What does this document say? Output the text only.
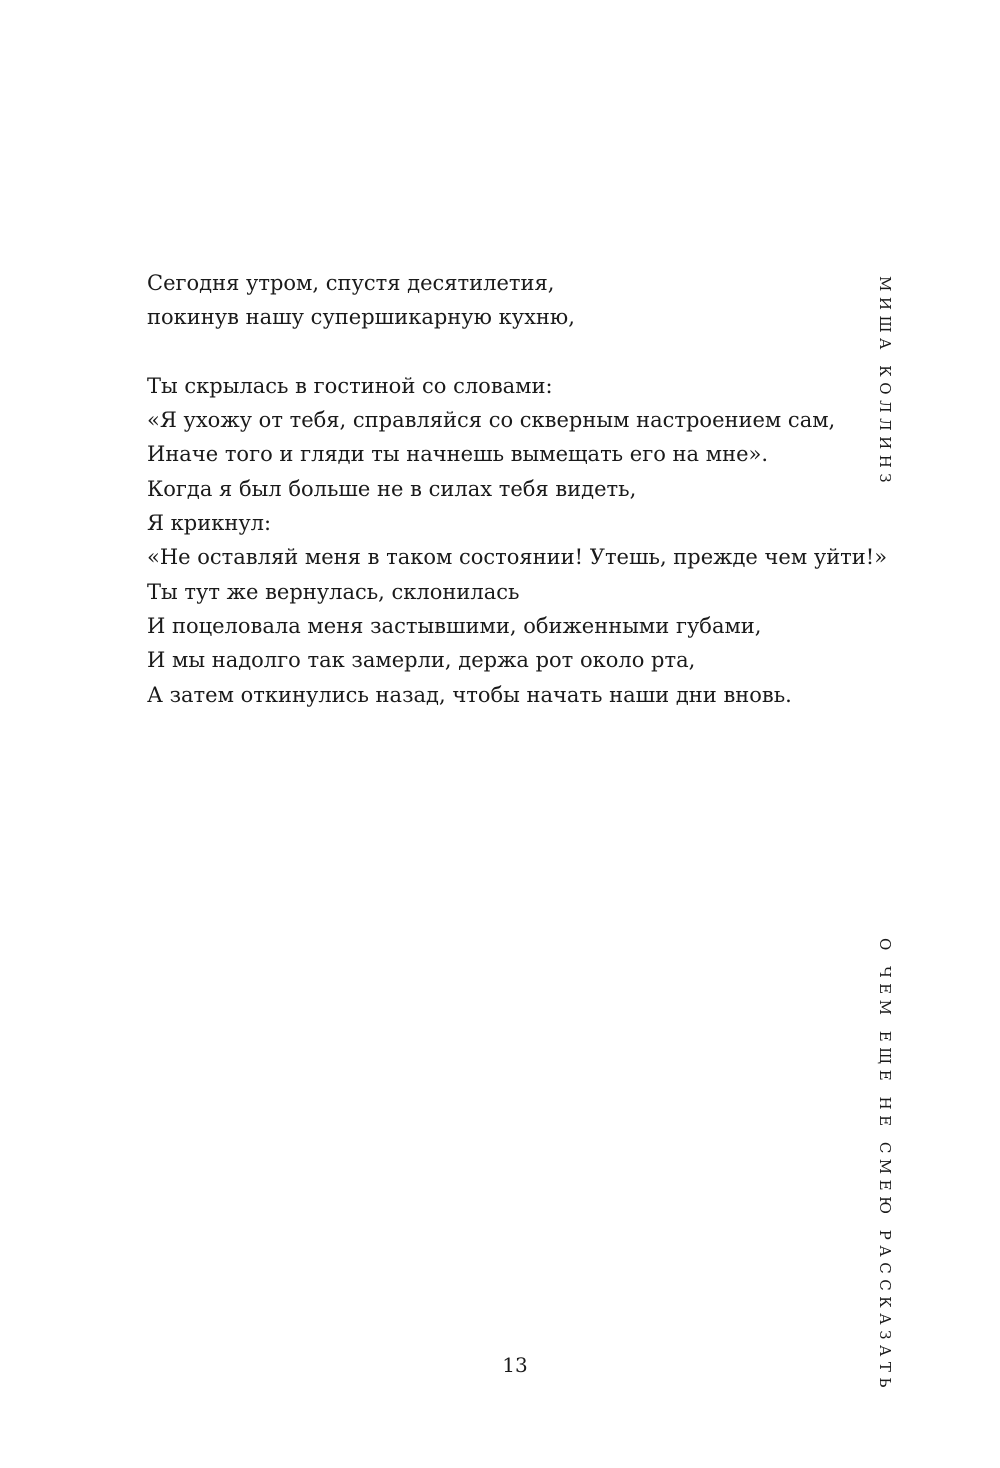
Сегодня утром, спустя десятилетия,
покинув нашу супершикарную кухню,
Ты скрылась в гостиной со словами:
«Я ухожу от тебя, справляйся со скверным настроением сам,
Иначе того и гляди ты начнешь вымещать его на мне».
Когда я был больше не в силах тебя видеть,
Я крикнул:
«Не оставляй меня в таком состоянии! Утешь, прежде чем уйти!»
Ты тут же вернулась, склонилась
И поцеловала меня застывшими, обиженными губами,
И мы надолго так замерли, держа рот около рта,
А затем откинулись назад, чтобы начать наши дни вновь.
МИША КОЛЛИНЗ
О ЧЕМ ЕЩЕ НЕ СМЕЮ РАССКАЗАТЬ
13
